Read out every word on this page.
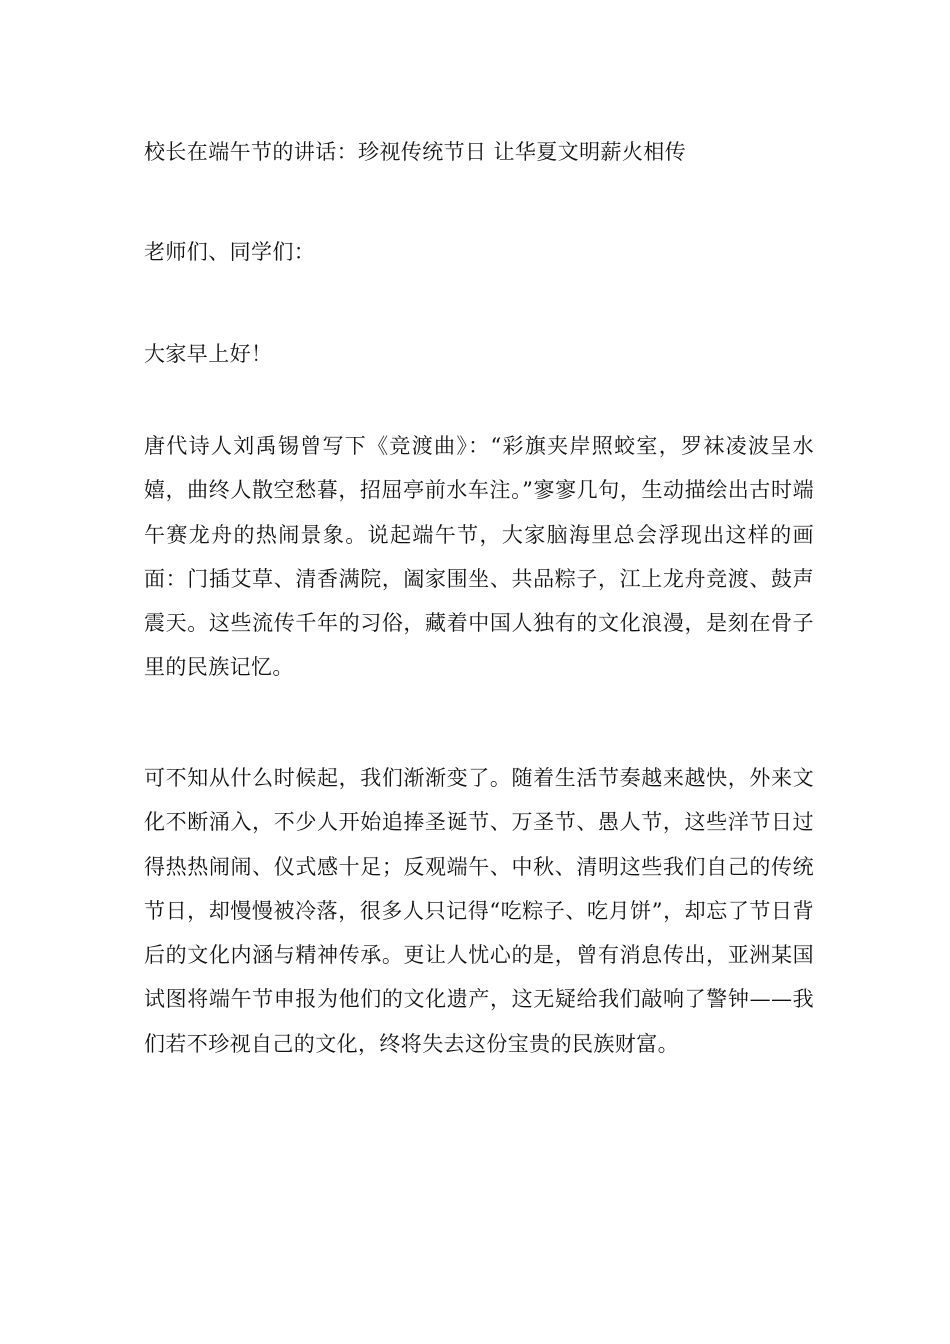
校长在端午节的讲话：珍视传统节日 让华夏文明薪火相传
老师们、同学们：
大家早上好！
唐代诗人刘禹锡曾写下《竞渡曲》：“彩旗夹岸照蛟室，罗袜凌波呈水嬉，曲终人散空愁暮，招屈亭前水车注。”寥寥几句，生动描绘出古时端午赛龙舟的热闹景象。说起端午节，大家脑海里总会浮现出这样的画面：门插艾草、清香满院，阖家围坐、共品粽子，江上龙舟竞渡、鼓声震天。这些流传千年的习俗，藏着中国人独有的文化浪漫，是刻在骨子里的民族记忆。
可不知从什么时候起，我们渐渐变了。随着生活节奏越来越快，外来文化不断涌入，不少人开始追捧圣诞节、万圣节、愚人节，这些洋节日过得热热闹闹、仪式感十足；反观端午、中秋、清明这些我们自己的传统节日，却慢慢被冷落，很多人只记得“吃粽子、吃月饼”，却忘了节日背后的文化内涵与精神传承。更让人忧心的是，曾有消息传出，亚洲某国试图将端午节申报为他们的文化遗产，这无疑给我们敲响了警钟——我们若不珍视自己的文化，终将失去这份宝贵的民族财富。
